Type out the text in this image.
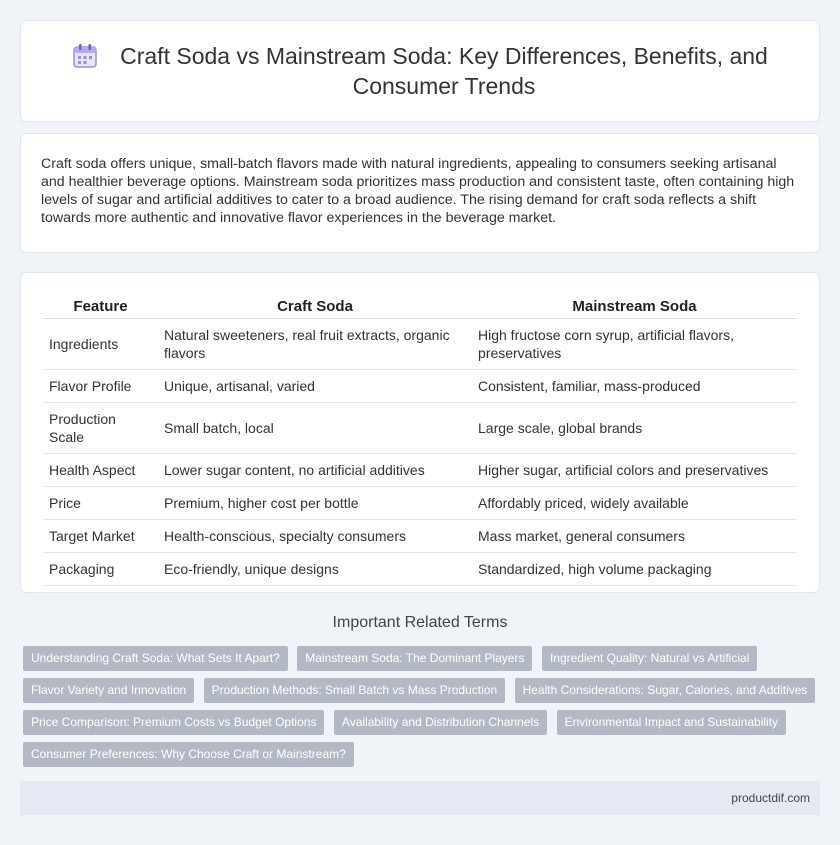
Craft Soda vs Mainstream Soda: Key Differences, Benefits, and Consumer Trends

Craft soda offers unique, small-batch flavors made with natural ingredients, appealing to consumers seeking artisanal and healthier beverage options. Mainstream soda prioritizes mass production and consistent taste, often containing high levels of sugar and artificial additives to cater to a broad audience. The rising demand for craft soda reflects a shift towards more authentic and innovative flavor experiences in the beverage market.

Feature	Craft Soda	Mainstream Soda
Ingredients	Natural sweeteners, real fruit extracts, organic flavors	High fructose corn syrup, artificial flavors, preservatives
Flavor Profile	Unique, artisanal, varied	Consistent, familiar, mass-produced
Production Scale	Small batch, local	Large scale, global brands
Health Aspect	Lower sugar content, no artificial additives	Higher sugar, artificial colors and preservatives
Price	Premium, higher cost per bottle	Affordably priced, widely available
Target Market	Health-conscious, specialty consumers	Mass market, general consumers
Packaging	Eco-friendly, unique designs	Standardized, high volume packaging
Important Related Terms
Understanding Craft Soda: What Sets It Apart? Mainstream Soda: The Dominant Players Ingredient Quality: Natural vs Artificial Flavor Variety and Innovation Production Methods: Small Batch vs Mass Production Health Considerations: Sugar, Calories, and Additives Price Comparison: Premium Costs vs Budget Options Availability and Distribution Channels Environmental Impact and Sustainability Consumer Preferences: Why Choose Craft or Mainstream?
productdif.com
